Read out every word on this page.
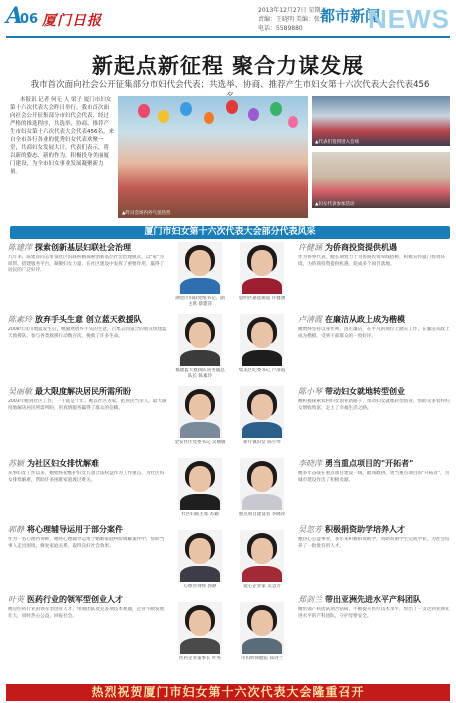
A
06 厦门日报
2013年12月27日 星期五
责编：王晓明 美编：张 丹
电话：5589880
都市新闻
NEWS
新起点新征程 聚合力谋发展
我市首次面向社会公开征集部分市妇代会代表；共选举、协商、推荐产生市妇女第十六次代表大会代表456

本报讯 记者 何无 人 梁子 厦门市妇女第十六次代表大会昨日举行。我市首次面向社会公开征集部分市妇代会代表，经过严格的推选程序，共选举、协商、推荐产生市妇女第十六次代表大会代表456名。来自全市各行各业的优秀妇女代表欢聚一堂，共商妇女发展大计。代表们表示，将以新的姿态、新的作为，积极投身美丽厦门建设，为全市妇女事业发展凝聚新力量。

▲昨日会场内外气氛热烈
▲代表们签到进入会场
▲妇女代表参加活动
厦门市妇女第十六次代表大会部分代表风采
陈建萍 探索创新基层妇联社会治理
九年来，陈建萍同志带领社区妇联积极探索创新基层社会治理模式，以"家"为纽带，搭建服务平台，凝聚妇女力量，在社区建设中发挥了重要作用，赢得了居民的广泛好评。
陈素玲 放弃手头生意 创立蓝天救援队
2008年汶川地震发生后，她毅然放弃手头的生意，召集志同道合的朋友组建蓝天救援队，参与各类救援行动数百次，挽救了许多生命。
吴丽敏 最大限度解决居民所需所盼
2003年她到社区工作，一干就是十年。她以社区为家，把居民当亲人，最大限度地解决居民所需所盼，用真情服务赢得了群众的信赖。
苏颖 为社区妇女排忧解难
从事妇女工作以来，她始终把维护妇女儿童合法权益作为工作重点，为社区妇女排忧解难，帮助许多困难家庭渡过难关。
郭静 将心理辅导运用于部分案件
作为一名心理咨询师，她将心理辅导运用于婚姻家庭纠纷调解案件中，帮助当事人走出困境，修复家庭关系，取得良好社会效果。
叶英 医药行业的领军型创业人才
她是医药行业的领军型创业人才，带领团队攻克多项技术难题，企业不断发展壮大，同时热心公益，回报社会。
湖里区妇联党组书记、副主席 蔡建萍
思明区嘉莲街道 许健涵
福建蓝天救援队常务副总队长 陈素玲
集美区纪委书记 卢清霞
金安社区党委书记 吴丽敏	新圩镇妇女 陈小琴
社区妇联主席 苏颖	重点项目建设者 李晓萍
心理咨询师 郭静	爱心企业家 吴忽芳
医药企业董事长 叶英	市妇幼保健院 郑剑兰
许健涵 为侨商投资提供机遇
作为侨界代表，她长期致力于为侨商投资牵线搭桥，积极宣传厦门投资环境，为侨商投资提供机遇，促成多个项目落地。
卢清霞 在廉洁从政上成为楷模
她始终坚持以身作则，清正廉洁，在平凡的岗位上踏实工作，在廉洁从政上成为楷模，受到干部群众的一致好评。
陈小琴 带动妇女就地转型创业
她积极探索农村妇女创业新路子，带动妇女就地转型创业，帮助众多农村妇女增收致富，走上了幸福生活之路。
李晓萍 勇当重点项目的"开拓者"
她多年奋战在重点项目建设一线，敢闯敢拼，勇当重点项目的"开拓者"，为城市建设作出了积极贡献。
吴忽芳 积极捐资助学培养人才
她热心公益事业，多年来积极捐资助学，资助贫困学生完成学业，为社会培养了一批批有用人才。
郑剑兰 带出亚洲先进水平产科团队
她带领产科团队刻苦钻研，不断提升医疗技术水平，带出了一支达到亚洲先进水平的产科团队，守护母婴安全。
热烈祝贺厦门市妇女第十六次代表大会隆重召开
